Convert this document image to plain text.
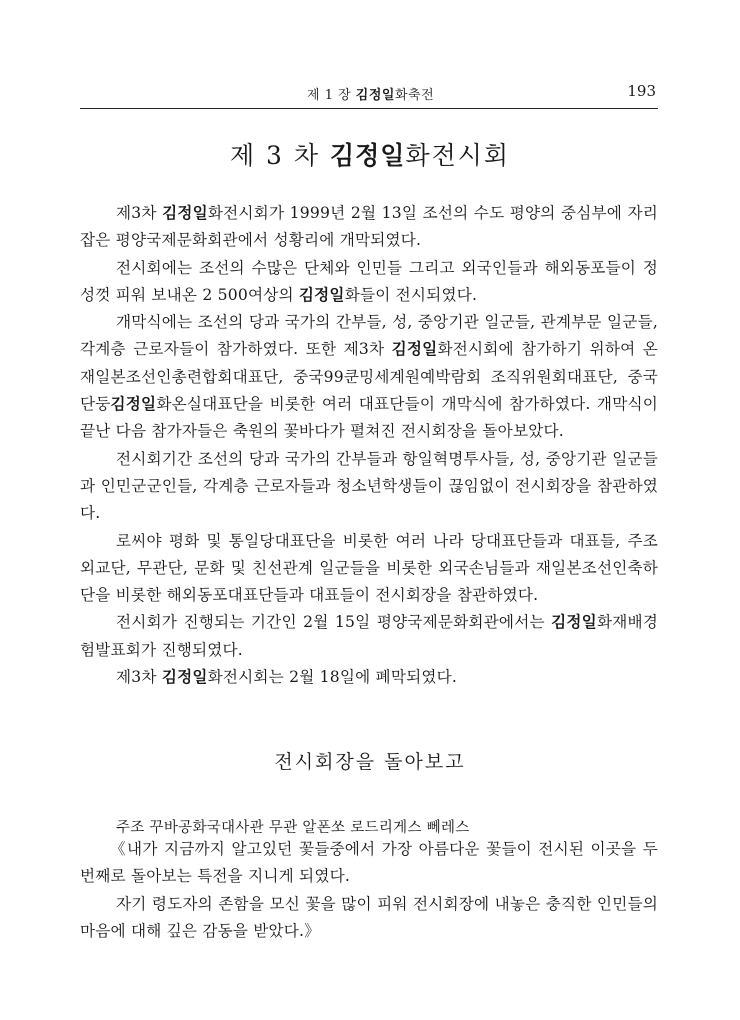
제 1 장 김정일화축전	193
제 3 차 김정일화전시회

제3차 김정일화전시회가 1999년 2월 13일 조선의 수도 평양의 중심부에 자리잡은 평양국제문화회관에서 성황리에 개막되였다.

전시회에는 조선의 수많은 단체와 인민들 그리고 외국인들과 해외동포들이 정성껏 피워 보내온 2 500여상의 김정일화들이 전시되였다.

개막식에는 조선의 당과 국가의 간부들, 성, 중앙기관 일군들, 관계부문 일군들, 각계층 근로자들이 참가하였다. 또한 제3차 김정일화전시회에 참가하기 위하여 온 재일본조선인총련합회대표단, 중국99쿤밍세계원예박람회 조직위원회대표단, 중국 단둥김정일화온실대표단을 비롯한 여러 대표단들이 개막식에 참가하였다. 개막식이 끝난 다음 참가자들은 축원의 꽃바다가 펼쳐진 전시회장을 돌아보았다.

전시회기간 조선의 당과 국가의 간부들과 항일혁명투사들, 성, 중앙기관 일군들과 인민군군인들, 각계층 근로자들과 청소년학생들이 끊임없이 전시회장을 참관하였다.

로씨야 평화 및 통일당대표단을 비롯한 여러 나라 당대표단들과 대표들, 주조 외교단, 무관단, 문화 및 친선관계 일군들을 비롯한 외국손님들과 재일본조선인축하단을 비롯한 해외동포대표단들과 대표들이 전시회장을 참관하였다.

전시회가 진행되는 기간인 2월 15일 평양국제문화회관에서는 김정일화재배경험발표회가 진행되였다.

제3차 김정일화전시회는 2월 18일에 폐막되였다.

전시회장을 돌아보고
주조 꾸바공화국대사관 무관 알폰쏘 로드리게스 뻬레스

《내가 지금까지 알고있던 꽃들중에서 가장 아름다운 꽃들이 전시된 이곳을 두번째로 돌아보는 특전을 지니게 되였다.

자기 령도자의 존함을 모신 꽃을 많이 피워 전시회장에 내놓은 충직한 인민들의 마음에 대해 깊은 감동을 받았다.》
